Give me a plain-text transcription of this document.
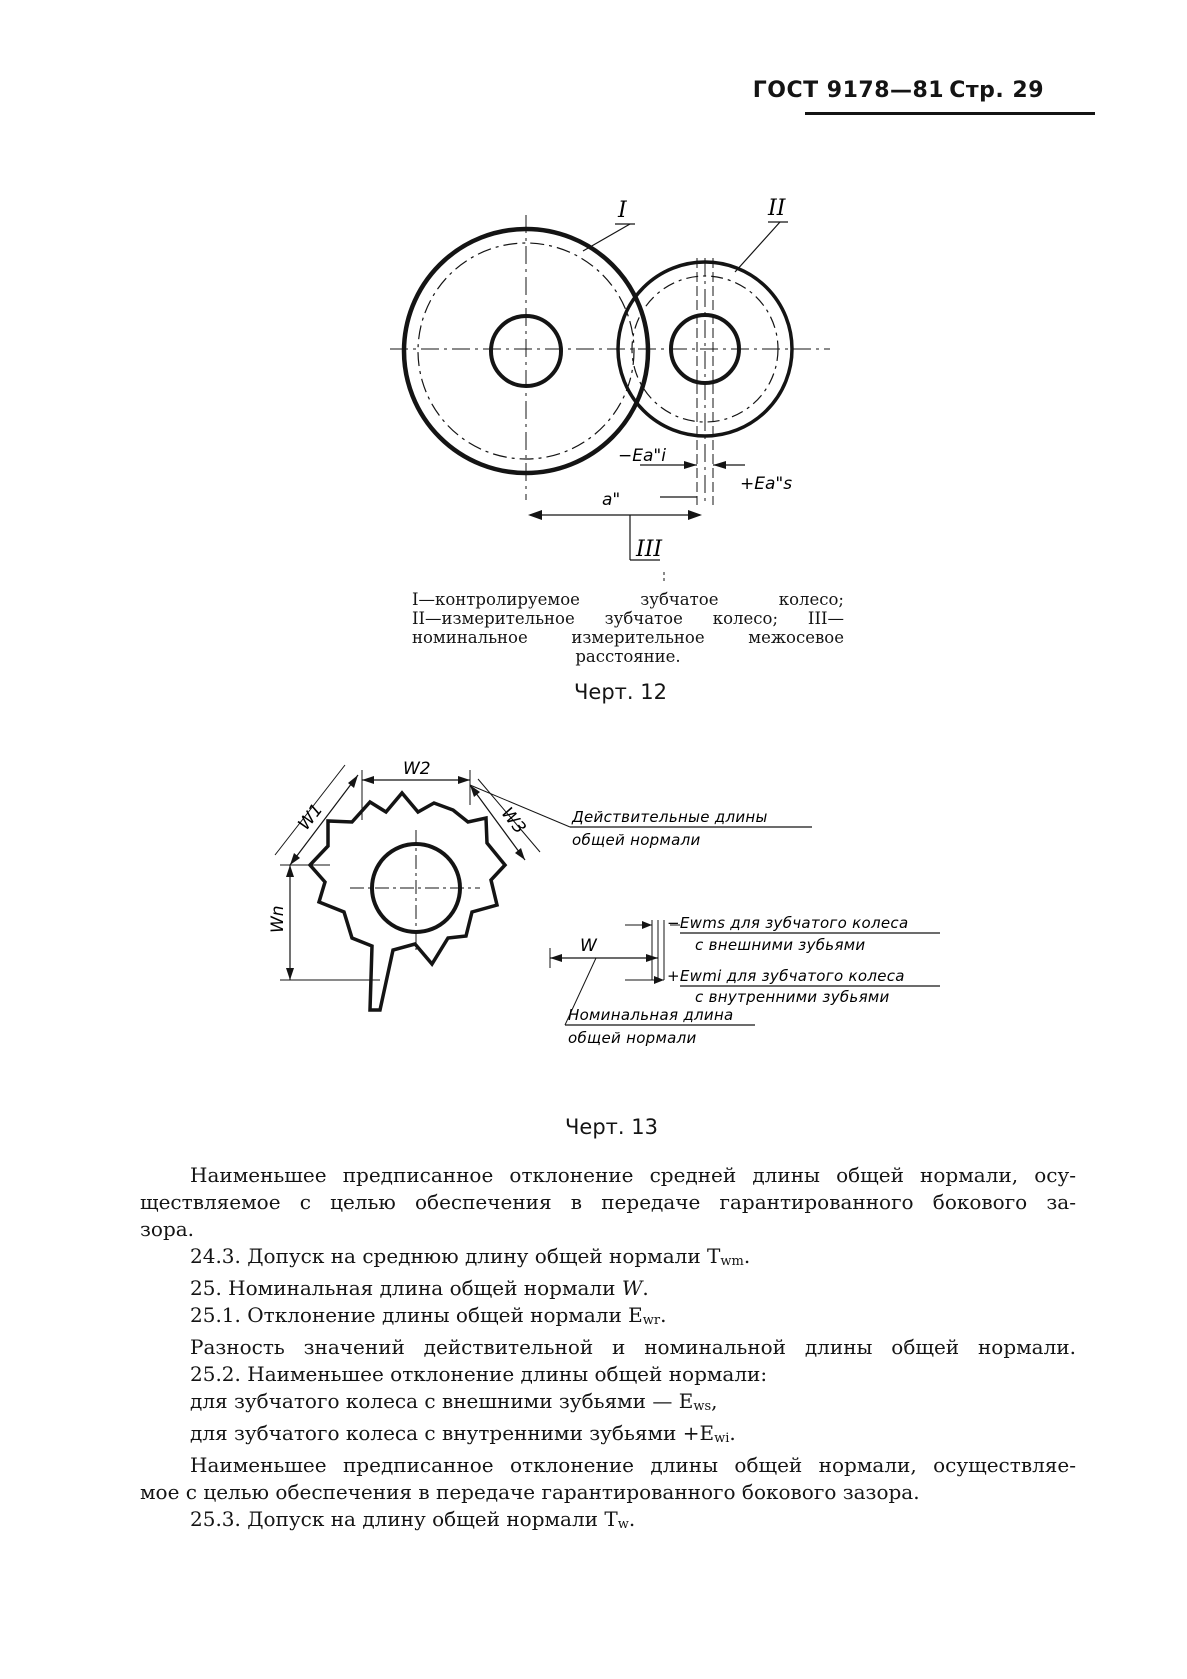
ГОСТ 9178—81 Стр. 29
I	II
−Ea"i
+Ea"s
a"
III
I—контролируемое зубчатое колесо;
II—измерительное зубчатое колесо; III—
номинальное измерительное межосевое
расстояние.
Черт. 12
W2
W1	W3
Wn
W
Действительные длины
общей нормали
−Ewms для зубчатого колеса
с внешними зубьями
+Ewmi для зубчатого колеса
с внутренними зубьями
Номинальная длина
общей нормали
Черт. 13
Наименьшее предписанное отклонение средней длины общей нормали, осу-
ществляемое с целью обеспечения в передаче гарантированного бокового за-
зора.
24.3. Допуск на среднюю длину общей нормали Twm.
25. Номинальная длина общей нормали W.
25.1. Отклонение длины общей нормали Ewr.
Разность значений действительной и номинальной длины общей нормали.
25.2. Наименьшее отклонение длины общей нормали:
для зубчатого колеса с внешними зубьями — Ews,
для зубчатого колеса с внутренними зубьями +Ewi.
Наименьшее предписанное отклонение длины общей нормали, осуществляе-
мое с целью обеспечения в передаче гарантированного бокового зазора.
25.3. Допуск на длину общей нормали Tw.
